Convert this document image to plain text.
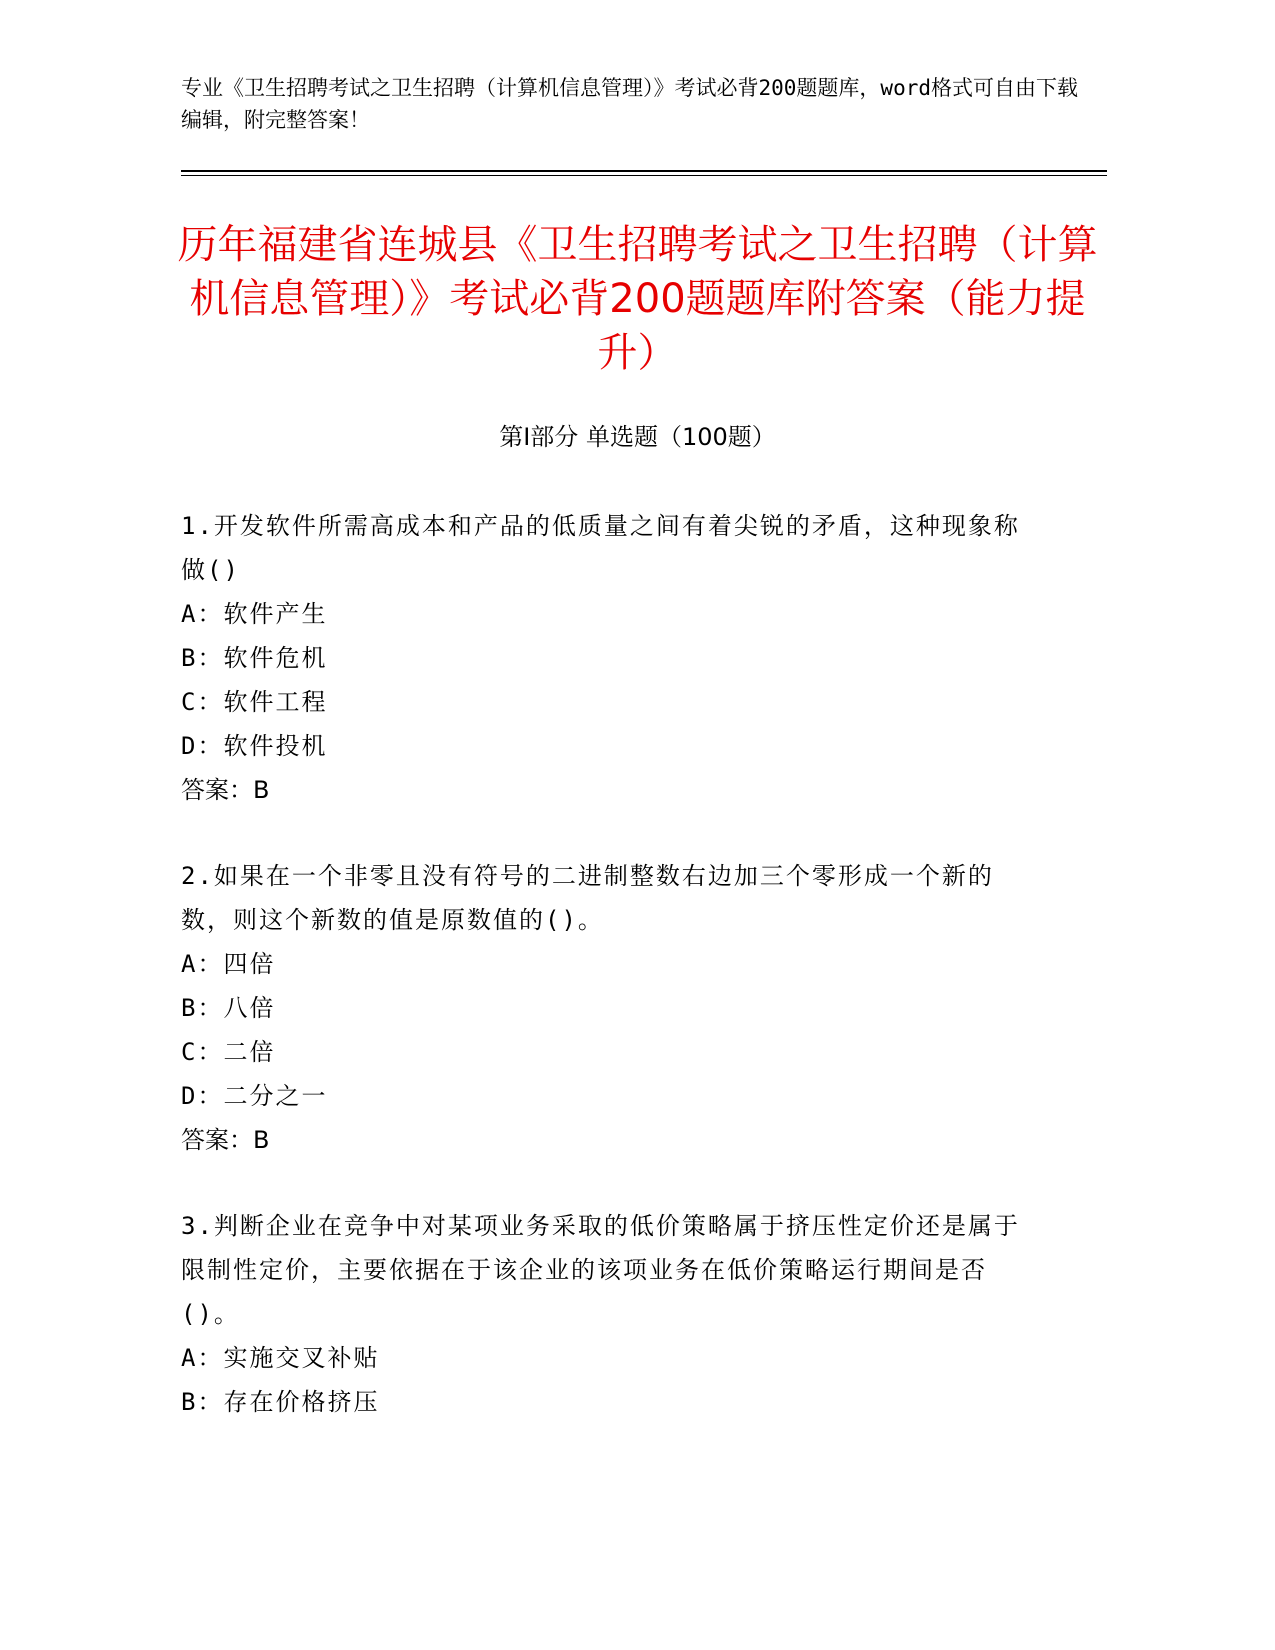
专业《卫生招聘考试之卫生招聘（计算机信息管理）》考试必背200题题库，word格式可自由下载编辑，附完整答案！
历年福建省连城县《卫生招聘考试之卫生招聘（计算机信息管理）》考试必背200题题库附答案（能力提升）
第Ⅰ部分 单选题（100题）
1.开发软件所需高成本和产品的低质量之间有着尖锐的矛盾，这种现象称做()
A：软件产生
B：软件危机
C：软件工程
D：软件投机
答案：B
2.如果在一个非零且没有符号的二进制整数右边加三个零形成一个新的数，则这个新数的值是原数值的()。
A：四倍
B：八倍
C：二倍
D：二分之一
答案：B
3.判断企业在竞争中对某项业务采取的低价策略属于挤压性定价还是属于限制性定价，主要依据在于该企业的该项业务在低价策略运行期间是否()。
A：实施交叉补贴
B：存在价格挤压
